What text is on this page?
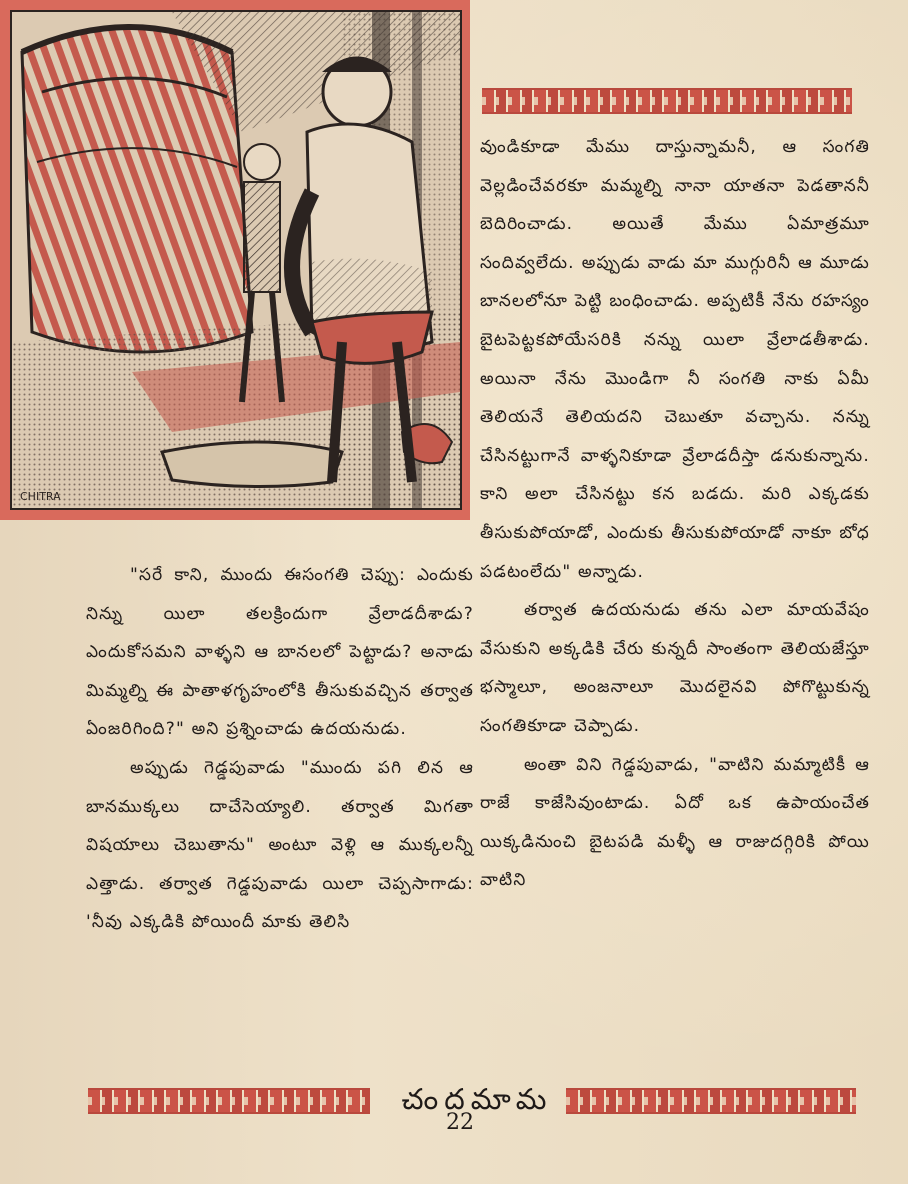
CHITRA

వుండికూడా మేము దాస్తున్నామనీ, ఆ సంగతి వెల్లడించేవరకూ మమ్మల్ని నానా యాతనా పెడతాననీ బెదిరించాడు. అయితే మేము ఏమాత్రమూ సందివ్వలేదు. అప్పుడు వాడు మా ముగ్గురినీ ఆ మూడు బానలలోనూ పెట్టి బంధించాడు. అప్పటికీ నేను రహస్యం బైటపెట్టకపోయేసరికి నన్ను యిలా వ్రేలాడతీశాడు. అయినా నేను మొండిగా నీ సంగతి నాకు ఏమీ తెలియనే తెలియదని చెబుతూ వచ్చాను. నన్ను చేసినట్టుగానే వాళ్ళనికూడా వ్రేలాడదీస్తా డనుకున్నాను. కాని అలా చేసినట్టు కన బడదు. మరి ఎక్కడకు తీసుకుపోయాడో, ఎందుకు తీసుకుపోయాడో నాకూ బోధ పడటంలేదు" అన్నాడు.

తర్వాత ఉదయనుడు తను ఎలా మాయవేషం వేసుకుని అక్కడికి చేరు కున్నదీ సాంతంగా తెలియజేస్తూ భస్మాలూ, అంజనాలూ మొదలైనవి పోగొట్టుకున్న సంగతికూడా చెప్పాడు.

అంతా విని గెడ్డపువాడు, "వాటిని మమ్మాటికీ ఆ రాజే కాజేసివుంటాడు. ఏదో ఒక ఉపాయంచేత యిక్కడినుంచి బైటపడి మళ్ళీ ఆ రాజుదగ్గిరికి పోయి వాటిని

"సరే కాని, ముందు ఈసంగతి చెప్పు: ఎందుకు నిన్ను యిలా తలక్రిందుగా వ్రేలాడదీశాడు? ఎందుకోసమని వాళ్ళని ఆ బానలలో పెట్టాడు? అనాడు మిమ్మల్ని ఈ పాతాళగృహంలోకి తీసుకువచ్చిన తర్వాత ఏంజరిగింది?" అని ప్రశ్నించాడు ఉదయనుడు.

అప్పుడు గెడ్డపువాడు "ముందు పగి లిన ఆ బానముక్కలు దాచేసెయ్యాలి. తర్వాత మిగతా విషయాలు చెబుతాను" అంటూ వెళ్లి ఆ ముక్కలన్నీ ఎత్తాడు. తర్వాత గెడ్డపువాడు యిలా చెప్పసాగాడు: 'నీవు ఎక్కడికి పోయిందీ మాకు తెలిసి

చందమామ
22
